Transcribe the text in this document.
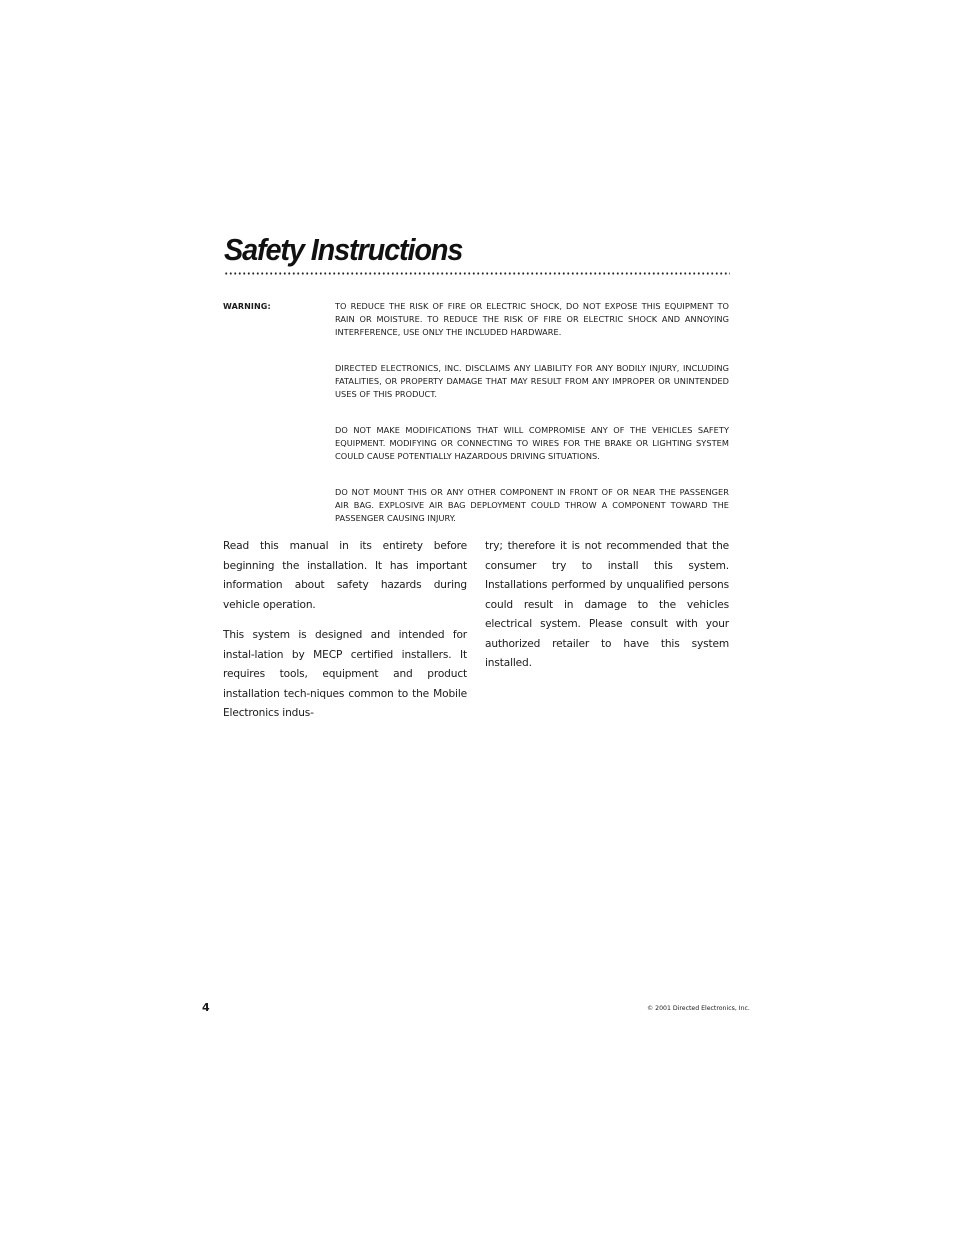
Safety Instructions
WARNING:	TO REDUCE THE RISK OF FIRE OR ELECTRIC SHOCK, DO NOT EXPOSE THIS EQUIPMENT TO RAIN OR MOISTURE. TO REDUCE THE RISK OF FIRE OR ELECTRIC SHOCK AND ANNOYING INTERFERENCE, USE ONLY THE INCLUDED HARDWARE.

DIRECTED ELECTRONICS, INC. DISCLAIMS ANY LIABILITY FOR ANY BODILY INJURY, INCLUDING FATALITIES, OR PROPERTY DAMAGE THAT MAY RESULT FROM ANY IMPROPER OR UNINTENDED USES OF THIS PRODUCT.

DO NOT MAKE MODIFICATIONS THAT WILL COMPROMISE ANY OF THE VEHICLES SAFETY EQUIPMENT. MODIFYING OR CONNECTING TO WIRES FOR THE BRAKE OR LIGHTING SYSTEM COULD CAUSE POTENTIALLY HAZARDOUS DRIVING SITUATIONS.

DO NOT MOUNT THIS OR ANY OTHER COMPONENT IN FRONT OF OR NEAR THE PASSENGER AIR BAG. EXPLOSIVE AIR BAG DEPLOYMENT COULD THROW A COMPONENT TOWARD THE PASSENGER CAUSING INJURY.

Read this manual in its entirety before beginning the installation. It has important information about safety hazards during vehicle operation.

This system is designed and intended for instal-lation by MECP certified installers. It requires tools, equipment and product installation tech-niques common to the Mobile Electronics indus-

try; therefore it is not recommended that the consumer try to install this system. Installations performed by unqualified persons could result in damage to the vehicles electrical system. Please consult with your authorized retailer to have this system installed.

4	© 2001 Directed Electronics, Inc.
